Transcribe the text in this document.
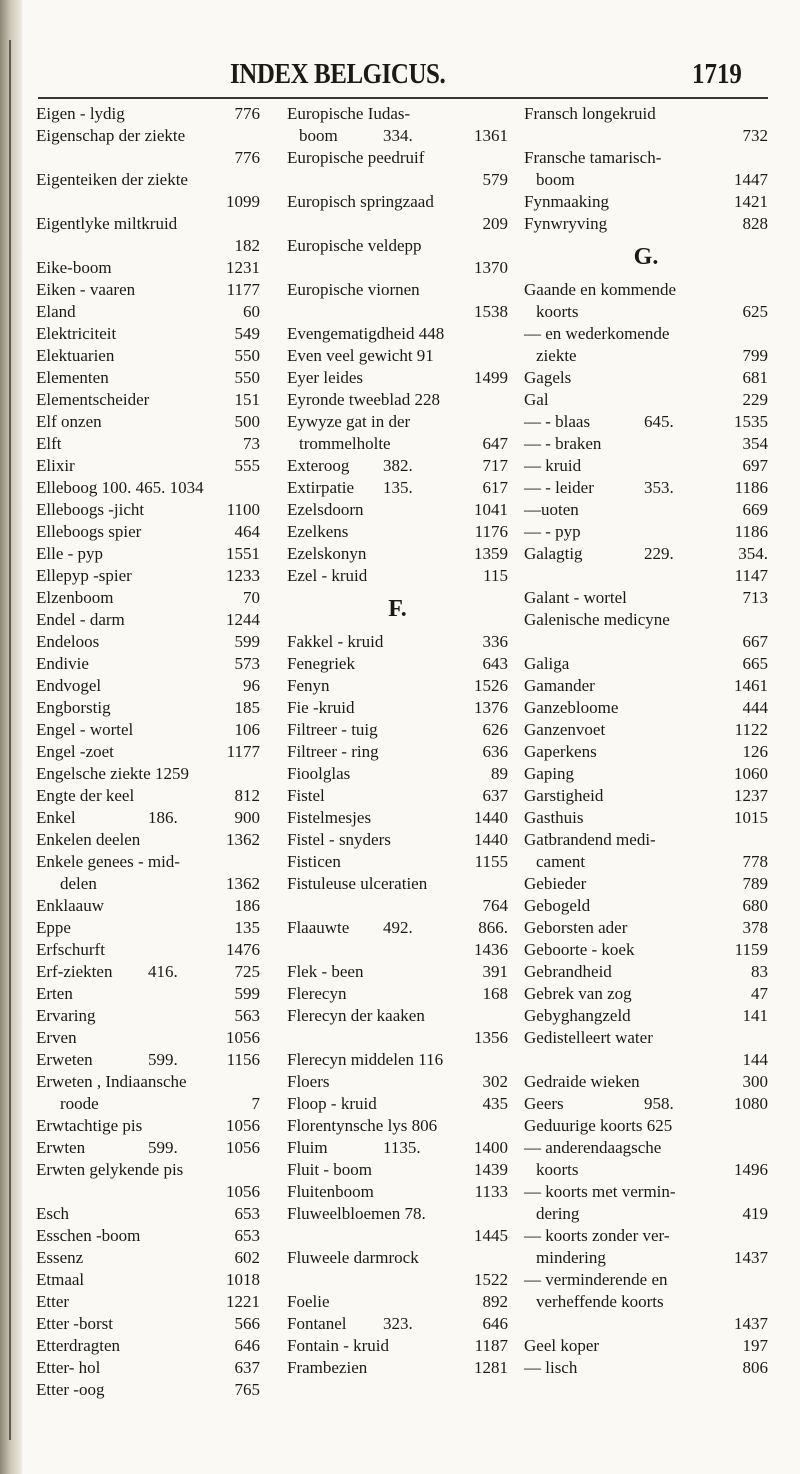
INDEX BELGICUS.	1719
Eigen - lydig	776
Eigenschap der ziekte
776
Eigenteiken der ziekte
1099
Eigentlyke miltkruid
182
Eike-boom	1231
Eiken - vaaren	1177
Eland	60
Elektriciteit	549
Elektuarien	550
Elementen	550
Elementscheider	151
Elf onzen	500
Elft	73
Elixir	555
Elleboog 100. 465. 1034
Elleboogs -jicht	1100
Elleboogs spier	464
Elle - pyp	1551
Ellepyp -spier	1233
Elzenboom	70
Endel - darm	1244
Endeloos	599
Endivie	573
Endvogel	96
Engborstig	185
Engel - wortel	106
Engel -zoet	1177
Engelsche ziekte 1259
Engte der keel	812
Enkel	186.	900
Enkelen deelen	1362
Enkele genees - mid-
delen	1362
Enklaauw	186
Eppe	135
Erfschurft	1476
Erf-ziekten 416.	725
Erten	599
Ervaring	563
Erven	1056
Erweten	599.	1156
Erweten , Indiaansche
roode	7
Erwtachtige pis	1056
Erwten	599.	1056
Erwten gelykende pis
1056
Esch	653
Esschen -boom	653
Essenz	602
Etmaal	1018
Etter	1221
Etter -borst	566
Etterdragten	646
Etter- hol	637
Etter -oog	765
Europische Iudas-
boom	334.	1361
Europische peedruif
579
Europisch springzaad
209
Europische veldepp
1370
Europische viornen
1538
Evengematigdheid 448
Even veel gewicht 91
Eyer leides	1499
Eyronde tweeblad 228
Eywyze gat in der
trommelholte	647
Exteroog 382.	717
Extirpatie 135.	617
Ezelsdoorn	1041
Ezelkens	1176
Ezelskonyn	1359
Ezel - kruid	115
F.
Fakkel - kruid	336
Fenegriek	643
Fenyn	1526
Fie -kruid	1376
Filtreer - tuig	626
Filtreer - ring	636
Fioolglas	89
Fistel	637
Fistelmesjes	1440
Fistel - snyders	1440
Fisticen	1155
Fistuleuse ulceratien
764
Flaauwte 492.	866.
1436
Flek - been	391
Flerecyn	168
Flerecyn der kaaken
1356
Flerecyn middelen 116
Floers	302
Floop - kruid	435
Florentynsche lys 806
Fluim	1135.	1400
Fluit - boom	1439
Fluitenboom	1133
Fluweelbloemen 78.
1445
Fluweele darmrock
1522
Foelie	892
Fontanel 323.	646
Fontain - kruid	1187
Frambezien	1281
Fransch longekruid
732
Fransche tamarisch-
boom	1447
Fynmaaking	1421
Fynwryving	828
G.
Gaande en kommende
koorts	625
— en wederkomende
ziekte	799
Gagels	681
Gal	229
— - blaas	645.	1535
— - braken	354
— kruid	697
— - leider	353.	1186
—uoten	669
— - pyp	1186
Galagtig	229.	354.
1147
Galant - wortel	713
Galenische medicyne
667
Galiga	665
Gamander	1461
Ganzebloome	444
Ganzenvoet	1122
Gaperkens	126
Gaping	1060
Garstigheid	1237
Gasthuis	1015
Gatbrandend medi-
cament	778
Gebieder	789
Gebogeld	680
Geborsten ader	378
Geboorte - koek	1159
Gebrandheid	83
Gebrek van zog	47
Gebyghangzeld	141
Gedistelleert water
144
Gedraide wieken	300
Geers	958.	1080
Geduurige koorts 625
— anderendaagsche
koorts	1496
— koorts met vermin-
dering	419
— koorts zonder ver-
mindering	1437
— verminderende en
verheffende koorts
1437
Geel koper	197
— lisch	806
